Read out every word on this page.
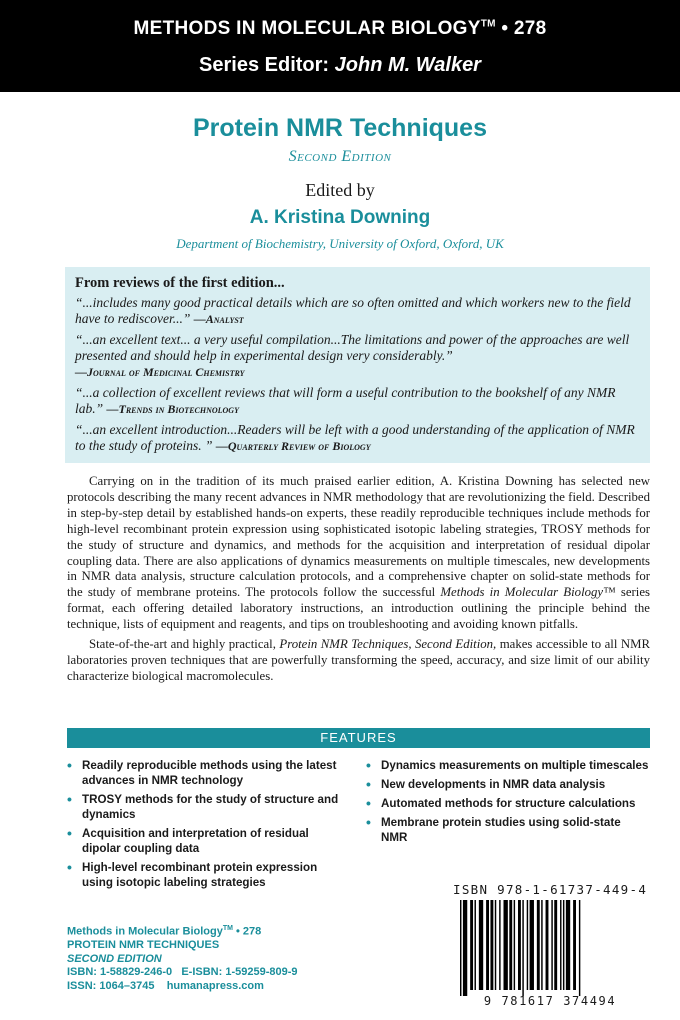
METHODS IN MOLECULAR BIOLOGY™ • 278
Series Editor: John M. Walker
Protein NMR Techniques
Second Edition
Edited by
A. Kristina Downing
Department of Biochemistry, University of Oxford, Oxford, UK
From reviews of the first edition...
“...includes many good practical details which are so often omitted and which workers new to the field have to rediscover...” —Analyst
“...an excellent text... a very useful compilation...The limitations and power of the approaches are well presented and should help in experimental design very considerably.”
—Journal of Medicinal Chemistry
“...a collection of excellent reviews that will form a useful contribution to the bookshelf of any NMR lab.” —Trends in Biotechnology
“...an excellent introduction...Readers will be left with a good understanding of the application of NMR to the study of proteins. ” —Quarterly Review of Biology

Carrying on in the tradition of its much praised earlier edition, A. Kristina Downing has selected new protocols describing the many recent advances in NMR methodology that are revolutionizing the field. Described in step-by-step detail by established hands-on experts, these readily reproducible techniques include methods for high-level recombinant protein expression using sophisticated isotopic labeling strategies, TROSY methods for the study of structure and dynamics, and methods for the acquisition and interpretation of residual dipolar coupling data. There are also applications of dynamics measurements on multiple timescales, new developments in NMR data analysis, structure calculation protocols, and a comprehensive chapter on solid-state methods for the study of membrane proteins. The protocols follow the successful Methods in Molecular Biology™ series format, each offering detailed laboratory instructions, an introduction outlining the principle behind the technique, lists of equipment and reagents, and tips on troubleshooting and avoiding known pitfalls.

State-of-the-art and highly practical, Protein NMR Techniques, Second Edition, makes accessible to all NMR laboratories proven techniques that are powerfully transforming the speed, accuracy, and size limit of our ability characterize biological macromolecules.

FEATURES
• Readily reproducible methods using the latest advances in NMR technology
• TROSY methods for the study of structure and dynamics
• Acquisition and interpretation of residual dipolar coupling data
• High-level recombinant protein expression using isotopic labeling strategies
• Dynamics measurements on multiple timescales
• New developments in NMR data analysis
• Automated methods for structure calculations
• Membrane protein studies using solid-state NMR
Methods in Molecular Biology™ • 278
PROTEIN NMR TECHNIQUES
SECOND EDITION
ISBN: 1-58829-246-0 E-ISBN: 1-59259-809-9
ISSN: 1064–3745 humanapress.com
ISBN 978-1-61737-449-4
9 781617 374494
